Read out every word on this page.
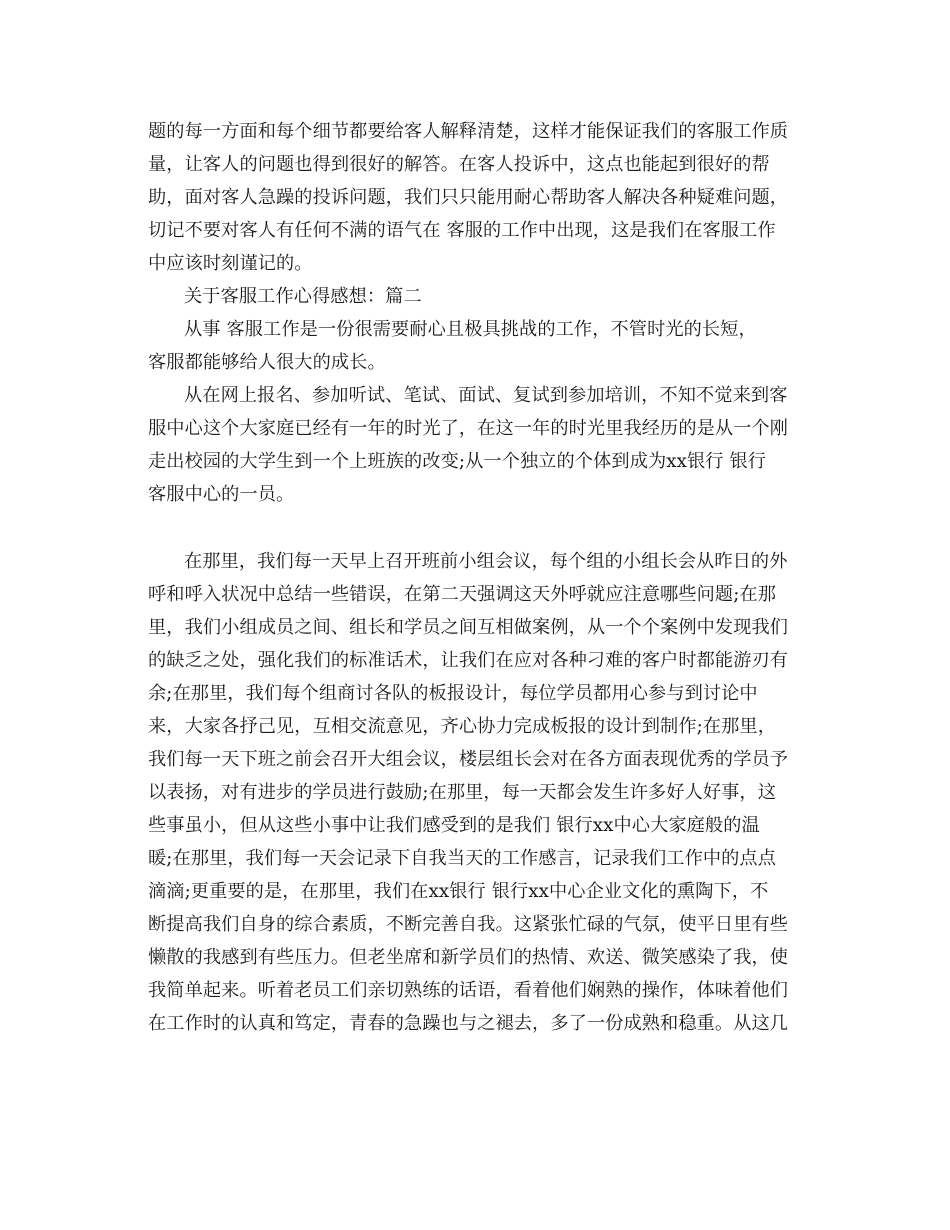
题的每一方面和每个细节都要给客人解释清楚，这样才能保证我们的客服工作质
量，让客人的问题也得到很好的解答。在客人投诉中，这点也能起到很好的帮
助，面对客人急躁的投诉问题，我们只只能用耐心帮助客人解决各种疑难问题，
切记不要对客人有任何不满的语气在 客服的工作中出现，这是我们在客服工作
中应该时刻谨记的。
关于客服工作心得感想：篇二
从事 客服工作是一份很需要耐心且极具挑战的工作，不管时光的长短，
客服都能够给人很大的成长。
从在网上报名、参加听试、笔试、面试、复试到参加培训，不知不觉来到客
服中心这个大家庭已经有一年的时光了，在这一年的时光里我经历的是从一个刚
走出校园的大学生到一个上班族的改变;从一个独立的个体到成为xx银行 银行
客服中心的一员。
在那里，我们每一天早上召开班前小组会议，每个组的小组长会从昨日的外
呼和呼入状况中总结一些错误，在第二天强调这天外呼就应注意哪些问题;在那
里，我们小组成员之间、组长和学员之间互相做案例，从一个个案例中发现我们
的缺乏之处，强化我们的标准话术，让我们在应对各种刁难的客户时都能游刃有
余;在那里，我们每个组商讨各队的板报设计，每位学员都用心参与到讨论中
来，大家各抒己见，互相交流意见，齐心协力完成板报的设计到制作;在那里，
我们每一天下班之前会召开大组会议，楼层组长会对在各方面表现优秀的学员予
以表扬，对有进步的学员进行鼓励;在那里，每一天都会发生许多好人好事，这
些事虽小，但从这些小事中让我们感受到的是我们 银行xx中心大家庭般的温
暖;在那里，我们每一天会记录下自我当天的工作感言，记录我们工作中的点点
滴滴;更重要的是，在那里，我们在xx银行 银行xx中心企业文化的熏陶下，不
断提高我们自身的综合素质，不断完善自我。这紧张忙碌的气氛，使平日里有些
懒散的我感到有些压力。但老坐席和新学员们的热情、欢送、微笑感染了我，使
我简单起来。听着老员工们亲切熟练的话语，看着他们娴熟的操作，体味着他们
在工作时的认真和笃定，青春的急躁也与之褪去，多了一份成熟和稳重。从这几
